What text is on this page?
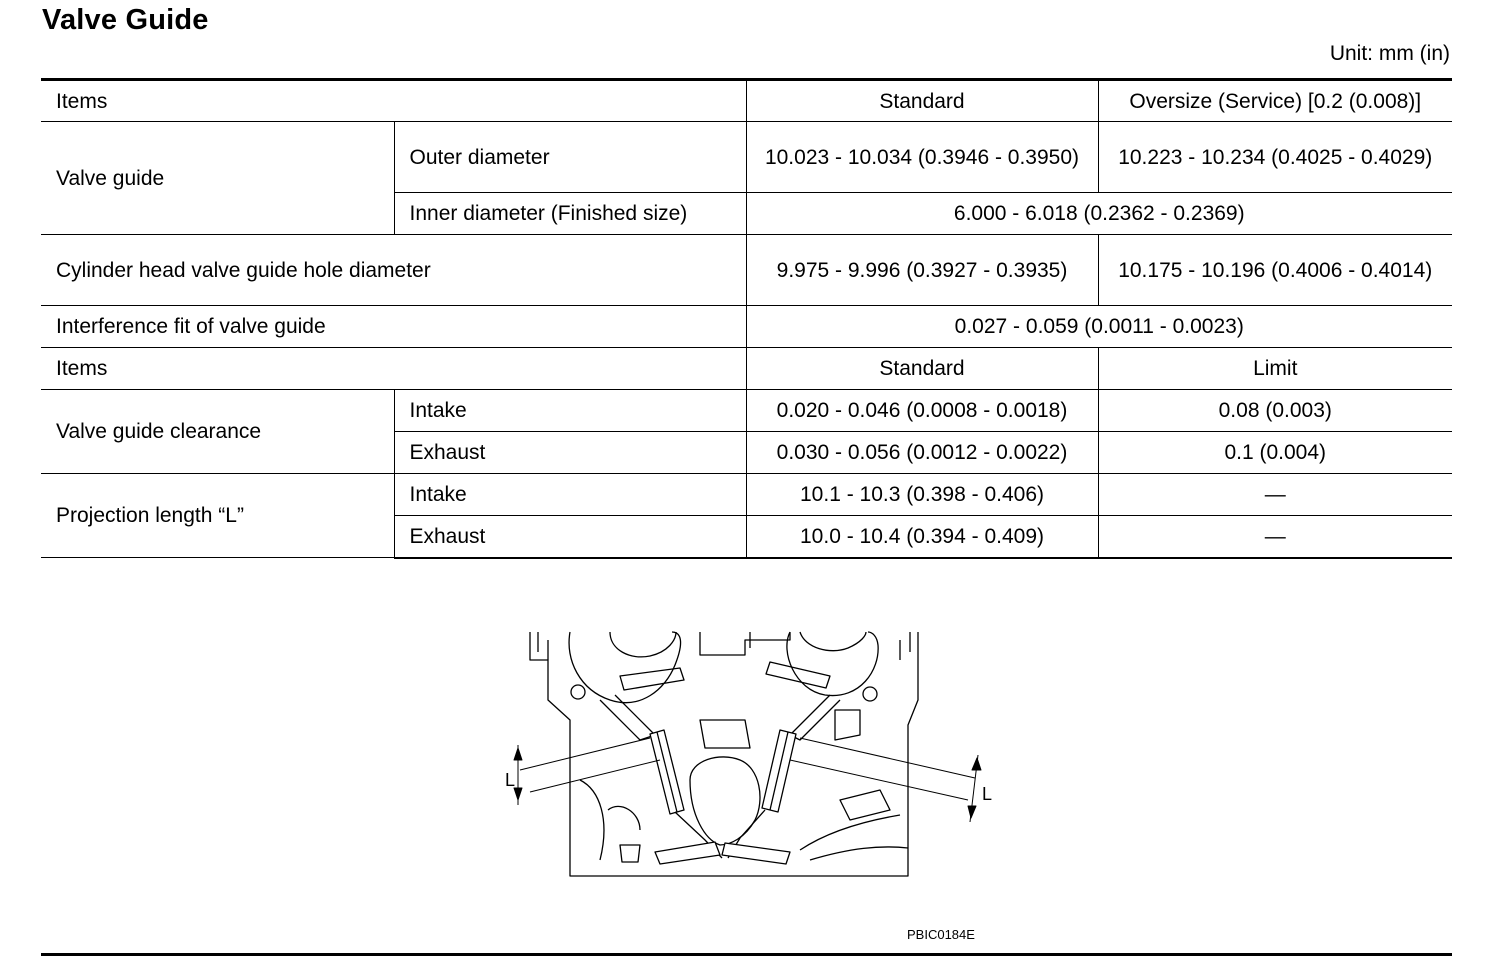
Valve Guide
Unit: mm (in)
Items		Standard	Oversize (Service) [0.2 (0.008)]
Valve guide	Outer diameter	10.023 - 10.034 (0.3946 - 0.3950)	10.223 - 10.234 (0.4025 - 0.4029)
	Inner diameter (Finished size)	6.000 - 6.018 (0.2362 - 0.2369)	
Cylinder head valve guide hole diameter		9.975 - 9.996 (0.3927 - 0.3935)	10.175 - 10.196 (0.4006 - 0.4014)
Interference fit of valve guide		0.027 - 0.059 (0.0011 - 0.0023)	
Items		Standard	Limit
Valve guide clearance	Intake	0.020 - 0.046 (0.0008 - 0.0018)	0.08 (0.003)
	Exhaust	0.030 - 0.056 (0.0012 - 0.0022)	0.1 (0.004)
Projection length “L”	Intake	10.1 - 10.3 (0.398 - 0.406)	—
	Exhaust	10.0 - 10.4 (0.394 - 0.409)	—
L
L
PBIC0184E
